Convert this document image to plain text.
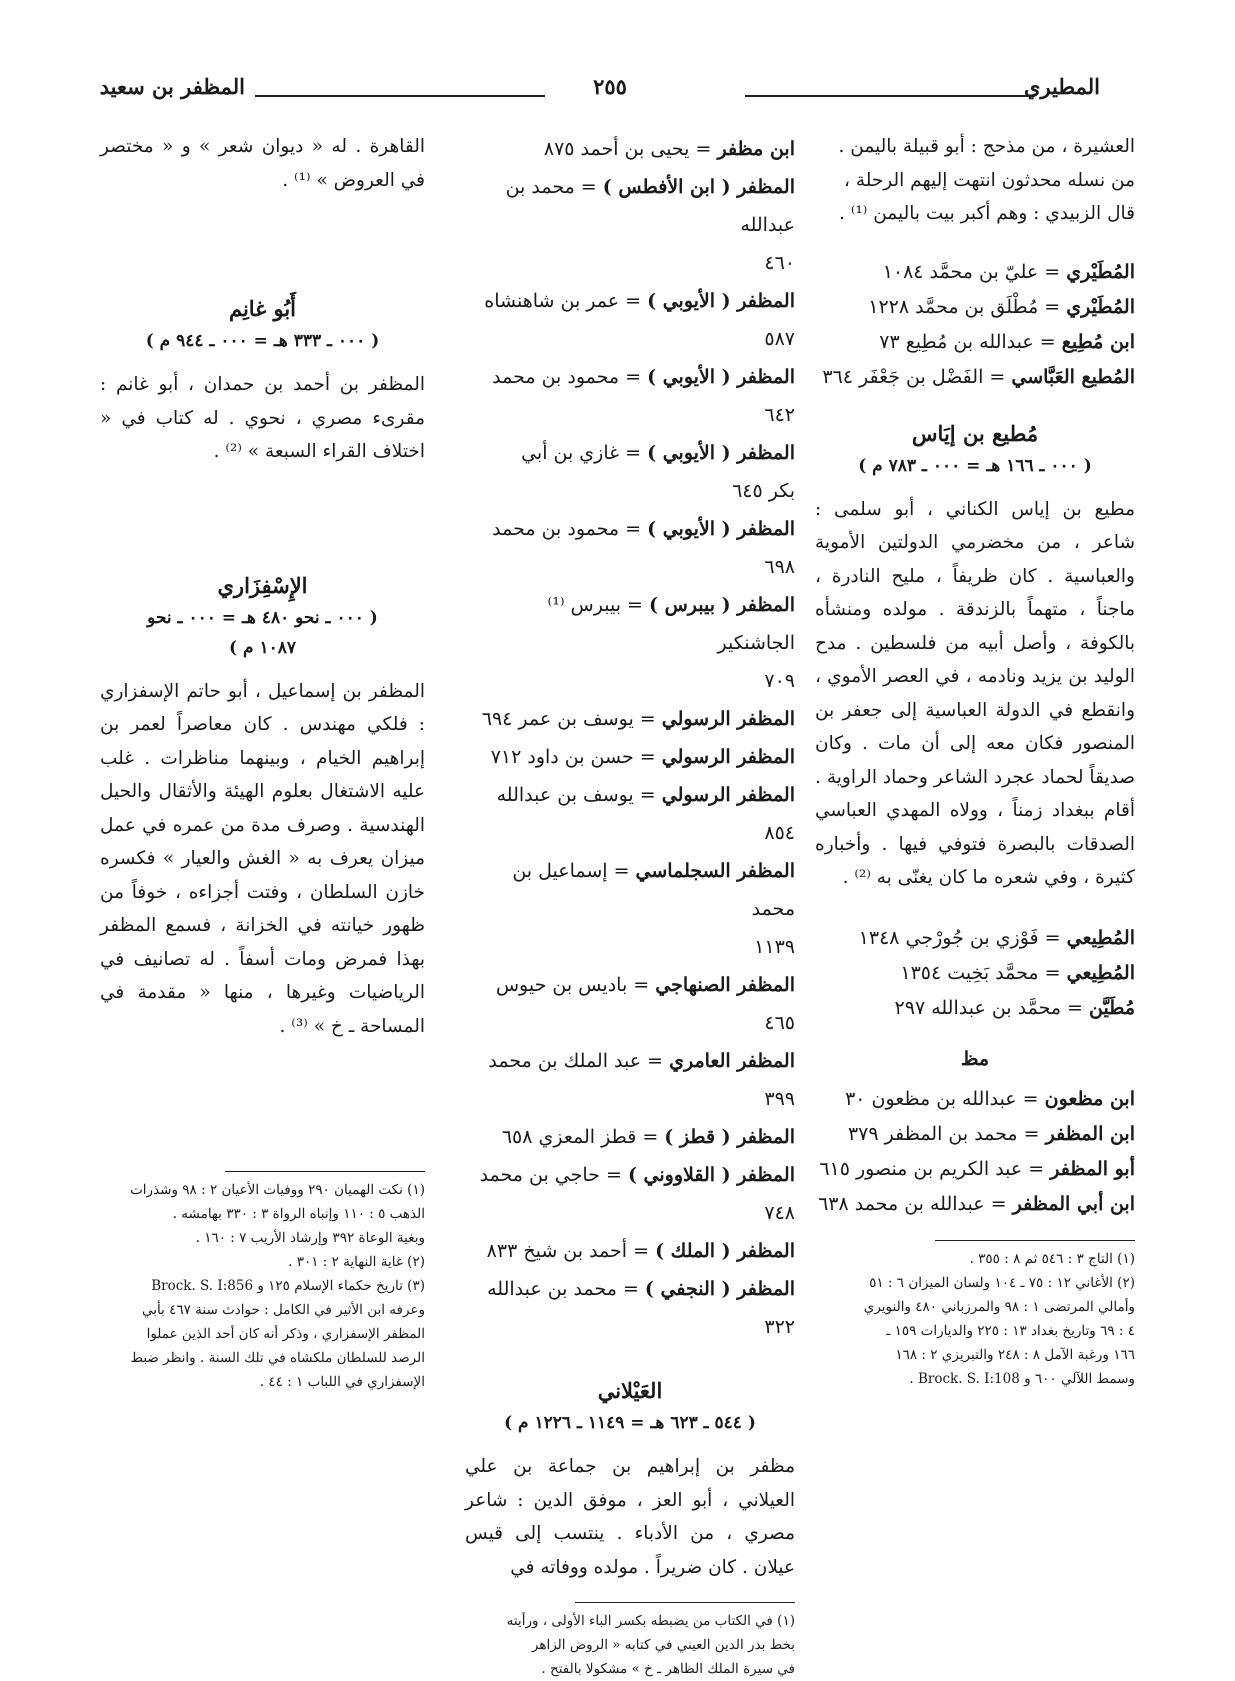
المطيري
٢٥٥
المظفر بن سعيد

العشيرة ، من مذحج : أبو قبيلة باليمن .

من نسله محدثون انتهت إليهم الرحلة ،

قال الزبيدي : وهم أكبر بيت باليمن ⁽¹⁾ .

المُطَيْري = عليّ بن محمَّد ١٠٨٤
المُطَيْري = مُطْلَق بن محمَّد ١٢٢٨
ابن مُطِيع = عبدالله بن مُطِيع ٧٣
المُطيع العَبَّاسي = الفَضْل بن جَعْفَر ٣٦٤
مُطيع بن إيَاس
( ٠٠٠ ـ ١٦٦ هـ = ٠٠٠ ـ ٧٨٣ م )

مطيع بن إياس الكناني ، أبو سلمى : شاعر ، من مخضرمي الدولتين الأموية والعباسية . كان ظريفاً ، مليح النادرة ، ماجناً ، متهماً بالزندقة . مولده ومنشأه بالكوفة ، وأصل أبيه من فلسطين . مدح الوليد بن يزيد ونادمه ، في العصر الأموي ، وانقطع في الدولة العباسية إلى جعفر بن المنصور فكان معه إلى أن مات . وكان صديقاً لحماد عجرد الشاعر وحماد الراوية . أقام ببغداد زمناً ، وولاه المهدي العباسي الصدقات بالبصرة فتوفي فيها . وأخباره كثيرة ، وفي شعره ما كان يغنّى به ⁽²⁾ .

المُطِيعي = فَوْزي بن جُورْجي ١٣٤٨
المُطِيعي = محمَّد بَخِيت ١٣٥٤
مُطَيَّن = محمَّد بن عبدالله ٢٩٧
مظ
ابن مظعون = عبدالله بن مظعون ٣٠
ابن المظفر = محمد بن المظفر ٣٧٩
أبو المظفر = عبد الكريم بن منصور ٦١٥
ابن أبي المظفر = عبدالله بن محمد ٦٣٨

(١) التاج ٣ : ٥٤٦ ثم ٨ : ٣٥٥ .

(٢) الأغاني ١٢ : ٧٥ ـ ١٠٤ ولسان الميزان ٦ : ٥١

وأمالي المرتضى ١ : ٩٨ والمرزباني ٤٨٠ والنويري

٤ : ٦٩ وتاريخ بغداد ١٣ : ٢٢٥ والديارات ١٥٩ ـ

١٦٦ ورغبة الآمل ٨ : ٢٤٨ والتبريزي ٢ : ١٦٨

وسمط اللآلي ٦٠٠ و Brock. S. I:108 .

ابن مظفر = يحيى بن أحمد ٨٧٥
المظفر ( ابن الأفطس ) = محمد بن عبدالله
٤٦٠
المظفر ( الأيوبي ) = عمر بن شاهنشاه
٥٨٧
المظفر ( الأيوبي ) = محمود بن محمد
٦٤٢
المظفر ( الأيوبي ) = غازي بن أبي
بكر ٦٤٥
المظفر ( الأيوبي ) = محمود بن محمد
٦٩٨
المظفر ( بيبرس ) = بيبرس ⁽¹⁾ الجاشنكير
٧٠٩
المظفر الرسولي = يوسف بن عمر ٦٩٤
المظفر الرسولي = حسن بن داود ٧١٢
المظفر الرسولي = يوسف بن عبدالله
٨٥٤
المظفر السجلماسي = إسماعيل بن محمد
١١٣٩
المظفر الصنهاجي = باديس بن حيوس
٤٦٥
المظفر العامري = عبد الملك بن محمد
٣٩٩
المظفر ( قطز ) = قطز المعزي ٦٥٨
المظفر ( القلاووني ) = حاجي بن محمد
٧٤٨
المظفر ( الملك ) = أحمد بن شيخ ٨٣٣
المظفر ( النجفي ) = محمد بن عبدالله
٣٢٢
العَيْلاني
( ٥٤٤ ـ ٦٢٣ هـ = ١١٤٩ ـ ١٢٢٦ م )

مظفر بن إبراهيم بن جماعة بن علي العيلاني ، أبو العز ، موفق الدين : شاعر مصري ، من الأدباء . ينتسب إلى قيس عيلان . كان ضريراً . مولده ووفاته في

(١) في الكتاب من يضبطه بكسر الباء الأولى ، ورأيته

بخط بدر الدين العيني في كتابه « الروض الزاهر

في سيرة الملك الظاهر ـ خ » مشكولا بالفتح .

القاهرة . له « ديوان شعر » و « مختصر في العروض » ⁽¹⁾ .

أَبُو غانِم
( ٠٠٠ ـ ٣٣٣ هـ = ٠٠٠ ـ ٩٤٤ م )

المظفر بن أحمد بن حمدان ، أبو غانم : مقرىء مصري ، نحوي . له كتاب في « اختلاف القراء السبعة » ⁽²⁾ .

الإِسْفِزَاري
( ٠٠٠ ـ نحو ٤٨٠ هـ = ٠٠٠ ـ نحو
١٠٨٧ م )

المظفر بن إسماعيل ، أبو حاتم الإسفزاري : فلكي مهندس . كان معاصراً لعمر بن إبراهيم الخيام ، وبينهما مناظرات . غلب عليه الاشتغال بعلوم الهيئة والأثقال والحيل الهندسية . وصرف مدة من عمره في عمل ميزان يعرف به « الغش والعيار » فكسره خازن السلطان ، وفتت أجزاءه ، خوفاً من ظهور خيانته في الخزانة ، فسمع المظفر بهذا فمرض ومات أسفاً . له تصانيف في الرياضيات وغيرها ، منها « مقدمة في المساحة ـ خ » ⁽³⁾ .

(١) نكت الهميان ٢٩٠ ووفيات الأعيان ٢ : ٩٨ وشذرات

الذهب ٥ : ١١٠ وإنباه الرواة ٣ : ٣٣٠ بهامشه .

وبغية الوعاة ٣٩٢ وإرشاد الأريب ٧ : ١٦٠ .

(٢) غاية النهاية ٢ : ٣٠١ .

(٣) تاريخ حكماء الإسلام ١٢٥ و Brock. S. I:856

وعرفه ابن الأثير في الكامل : حوادث سنة ٤٦٧ بأبي

المظفر الإسفزاري ، وذكر أنه كان أحد الذين عملوا

الرصد للسلطان ملكشاه في تلك السنة . وانظر ضبط

الإسفزاري في اللباب ١ : ٤٤ .
